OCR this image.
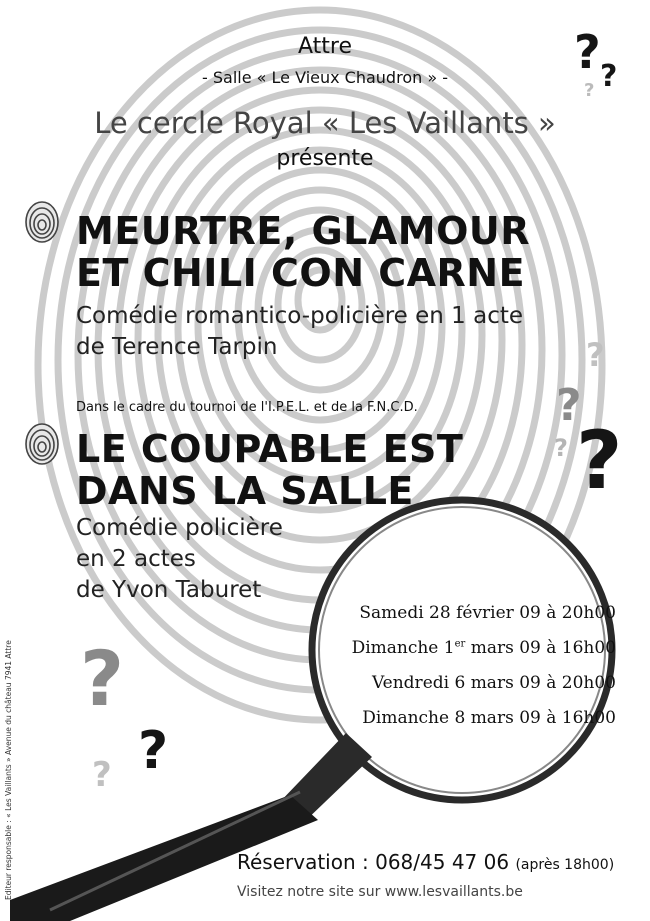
? ?
?
?
?
? ?
?
?
?
Attre
- Salle « Le Vieux Chaudron » -
Le cercle Royal « Les Vaillants »
présente
MEURTRE, GLAMOUR
ET CHILI CON CARNE
Comédie romantico-policière en 1 acte
de Terence Tarpin
Dans le cadre du tournoi de l'I.P.E.L. et de la F.N.C.D.
LE COUPABLE EST
DANS LA SALLE
Comédie policière
en 2 actes
de Yvon Taburet
Samedi 28 février 09 à 20h00
Dimanche 1er mars 09 à 16h00
Vendredi 6 mars 09 à 20h00
Dimanche 8 mars 09 à 16h00
Réservation : 068/45 47 06 (après 18h00)
Visitez notre site sur www.lesvaillants.be
Editeur responsable : « Les Vaillants » Avenue du château 7941 Attre
